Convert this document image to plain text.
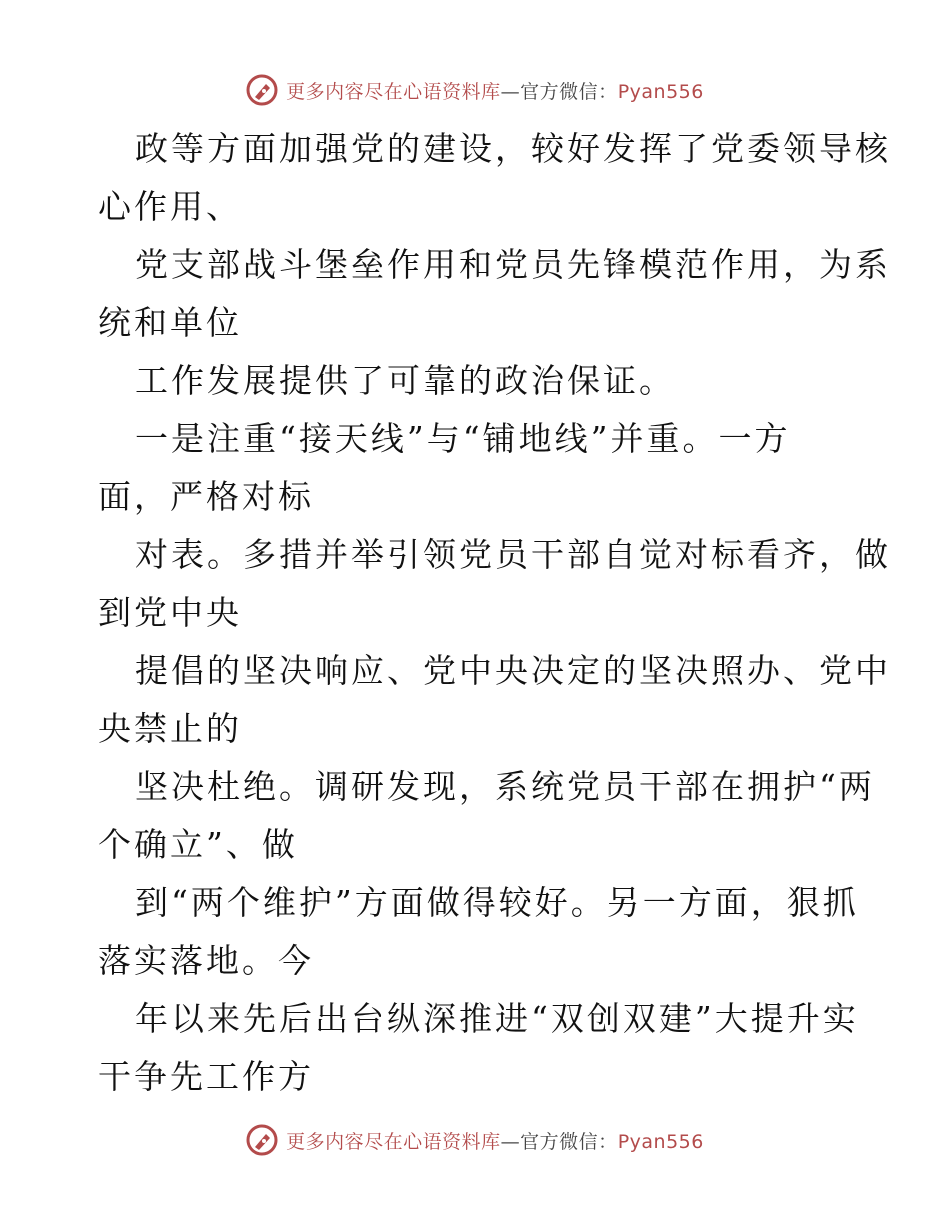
更多内容尽在心语资料库—官方微信：Pyan556
政等方面加强党的建设，较好发挥了党委领导核
心作用、
党支部战斗堡垒作用和党员先锋模范作用，为系
统和单位
工作发展提供了可靠的政治保证。
一是注重“接天线”与“铺地线”并重。一方
面，严格对标
对表。多措并举引领党员干部自觉对标看齐，做
到党中央
提倡的坚决响应、党中央决定的坚决照办、党中
央禁止的
坚决杜绝。调研发现，系统党员干部在拥护“两
个确立”、做
到“两个维护”方面做得较好。另一方面，狠抓
落实落地。今
年以来先后出台纵深推进“双创双建”大提升实
干争先工作方
更多内容尽在心语资料库—官方微信：Pyan556
